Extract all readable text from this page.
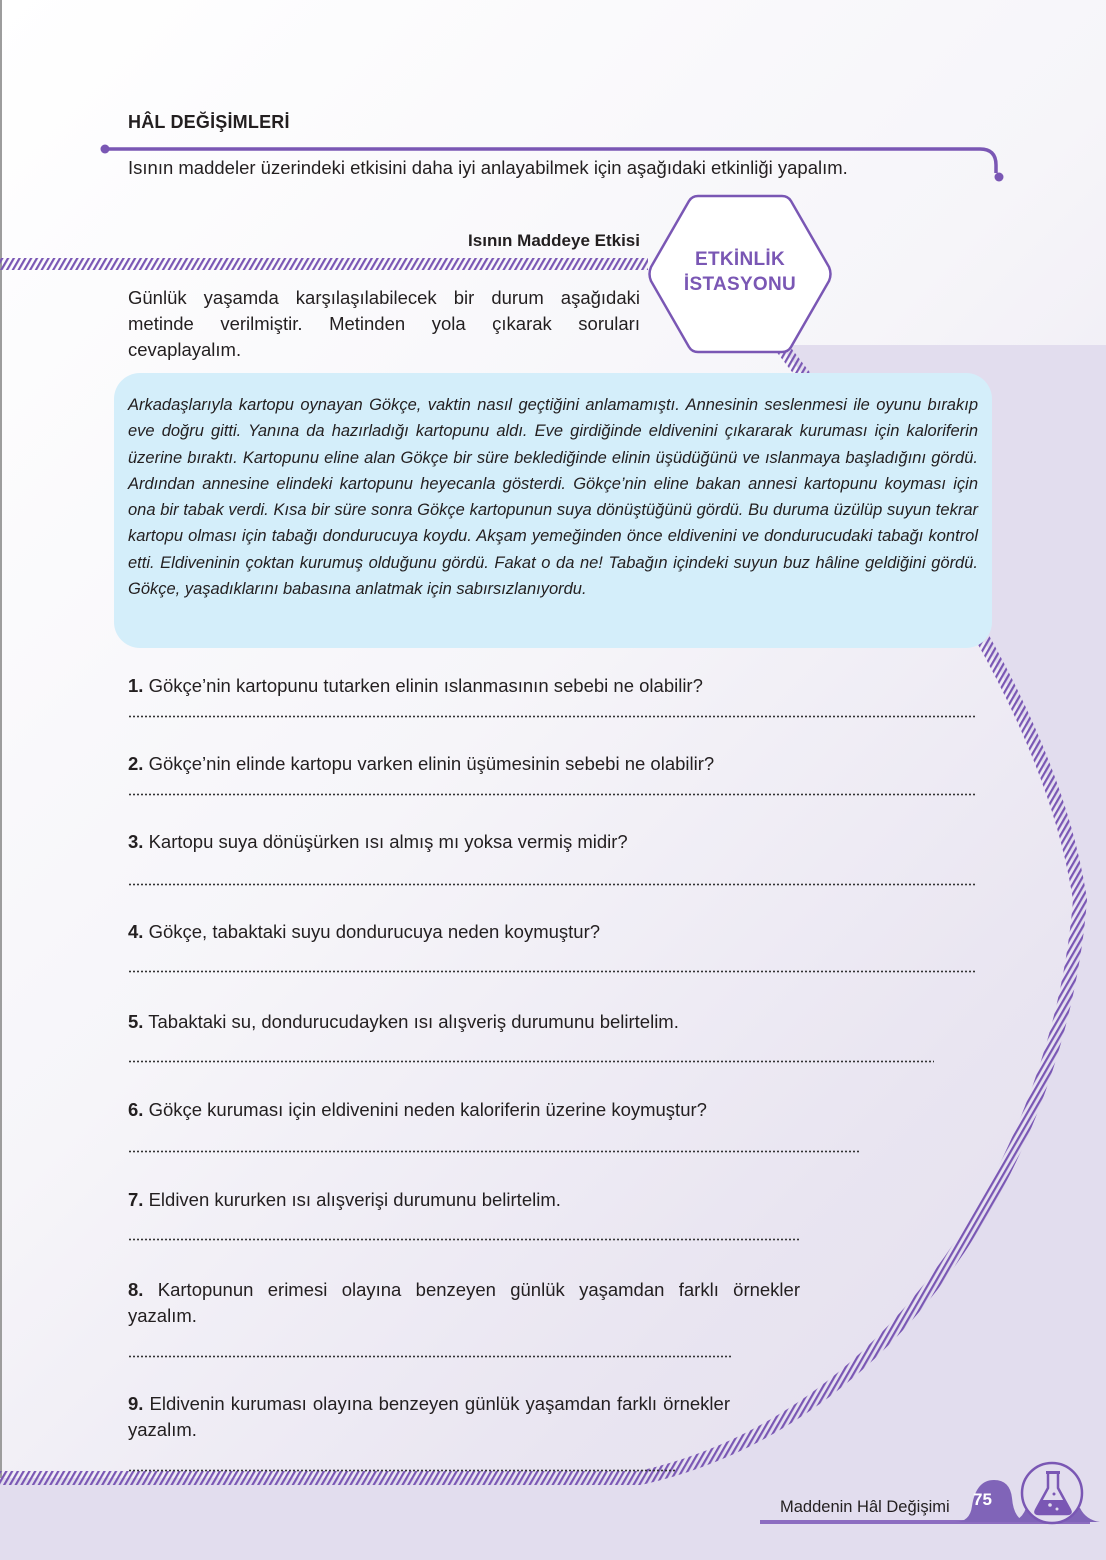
HÂL DEĞİŞİMLERİ
Isının maddeler üzerindeki etkisini daha iyi anlayabilmek için aşağıdaki etkinliği yapalım.
Isının Maddeye Etkisi
ETKİNLİK
İSTASYONU
Günlük yaşamda karşılaşılabilecek bir durum aşağıdaki metinde verilmiştir. Metinden yola çıkarak soruları cevaplayalım.
Arkadaşlarıyla kartopu oynayan Gökçe, vaktin nasıl geçtiğini anlamamıştı. Annesinin seslenmesi ile oyunu bırakıp eve doğru gitti. Yanına da hazırladığı kartopunu aldı. Eve girdiğinde eldivenini çıkararak kuruması için kaloriferin üzerine bıraktı. Kartopunu eline alan Gökçe bir süre beklediğinde elinin üşüdüğünü ve ıslanmaya başladığını gördü. Ardından annesine elindeki kartopunu heyecanla gösterdi. Gökçe’nin eline bakan annesi kartopunu koyması için ona bir tabak verdi. Kısa bir süre sonra Gökçe kartopunun suya dönüştüğünü gördü. Bu duruma üzülüp suyun tekrar kartopu olması için tabağı dondurucuya koydu. Akşam yemeğinden önce eldivenini ve dondurucudaki tabağı kontrol etti. Eldiveninin çoktan kurumuş olduğunu gördü. Fakat o da ne! Tabağın içindeki suyun buz hâline geldiğini gördü. Gökçe, yaşadıklarını babasına anlatmak için sabırsızlanıyordu.
1. Gökçe’nin kartopunu tutarken elinin ıslanmasının sebebi ne olabilir?
2. Gökçe’nin elinde kartopu varken elinin üşümesinin sebebi ne olabilir?
3. Kartopu suya dönüşürken ısı almış mı yoksa vermiş midir?
4. Gökçe, tabaktaki suyu dondurucuya neden koymuştur?
5. Tabaktaki su, dondurucudayken ısı alışveriş durumunu belirtelim.
6. Gökçe kuruması için eldivenini neden kaloriferin üzerine koymuştur?
7. Eldiven kururken ısı alışverişi durumunu belirtelim.
8. Kartopunun erimesi olayına benzeyen günlük yaşamdan farklı örnekler yazalım.
9. Eldivenin kuruması olayına benzeyen günlük yaşamdan farklı örnekler yazalım.
Maddenin Hâl Değişimi 75
